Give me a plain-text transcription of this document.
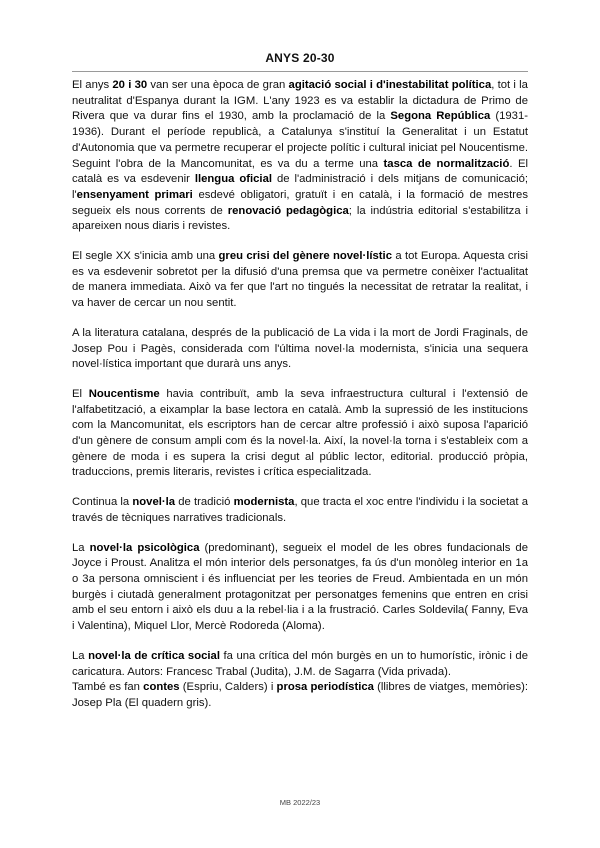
ANYS 20-30

El anys 20 i 30 van ser una època de gran agitació social i d'inestabilitat política, tot i la neutralitat d'Espanya durant la IGM. L'any 1923 es va establir la dictadura de Primo de Rivera que va durar fins el 1930, amb la proclamació de la Segona República (1931-1936). Durant el període republicà, a Catalunya s'instituí la Generalitat i un Estatut d'Autonomia que va permetre recuperar el projecte polític i cultural iniciat pel Noucentisme. Seguint l'obra de la Mancomunitat, es va du a terme una tasca de normalització. El català es va esdevenir llengua oficial de l'administració i dels mitjans de comunicació; l'ensenyament primari esdevé obligatori, gratuït i en català, i la formació de mestres segueix els nous corrents de renovació pedagògica; la indústria editorial s'estabilitza i apareixen nous diaris i revistes.

El segle XX s'inicia amb una greu crisi del gènere novel·lístic a tot Europa. Aquesta crisi es va esdevenir sobretot per la difusió d'una premsa que va permetre conèixer l'actualitat de manera immediata. Això va fer que l'art no tingués la necessitat de retratar la realitat, i va haver de cercar un nou sentit.

A la literatura catalana, després de la publicació de La vida i la mort de Jordi Fraginals, de Josep Pou i Pagès, considerada com l'última novel·la modernista, s'inicia una sequera novel·lística important que durarà uns anys.

El Noucentisme havia contribuït, amb la seva infraestructura cultural i l'extensió de l'alfabetització, a eixamplar la base lectora en català. Amb la supressió de les institucions com la Mancomunitat, els escriptors han de cercar altre professió i això suposa l'aparició d'un gènere de consum ampli com és la novel·la. Així, la novel·la torna i s'estableix com a gènere de moda i es supera la crisi degut al públic lector, editorial. producció pròpia, traduccions, premis literaris, revistes i crítica especialitzada.

Continua la novel·la de tradició modernista, que tracta el xoc entre l'individu i la societat a través de tècniques narratives tradicionals.

La novel·la psicològica (predominant), segueix el model de les obres fundacionals de Joyce i Proust. Analitza el món interior dels personatges, fa ús d'un monòleg interior en 1a o 3a persona omniscient i és influenciat per les teories de Freud. Ambientada en un món burgès i ciutadà generalment protagonitzat per personatges femenins que entren en crisi amb el seu entorn i això els duu a la rebel·lia i a la frustració. Carles Soldevila( Fanny, Eva i Valentina), Miquel Llor, Mercè Rodoreda (Aloma).

La novel·la de crítica social fa una crítica del món burgès en un to humorístic, irònic i de caricatura. Autors: Francesc Trabal (Judita), J.M. de Sagarra (Vida privada).

També es fan contes (Espriu, Calders) i prosa periodística (llibres de viatges, memòries): Josep Pla (El quadern gris).

MB 2022/23
